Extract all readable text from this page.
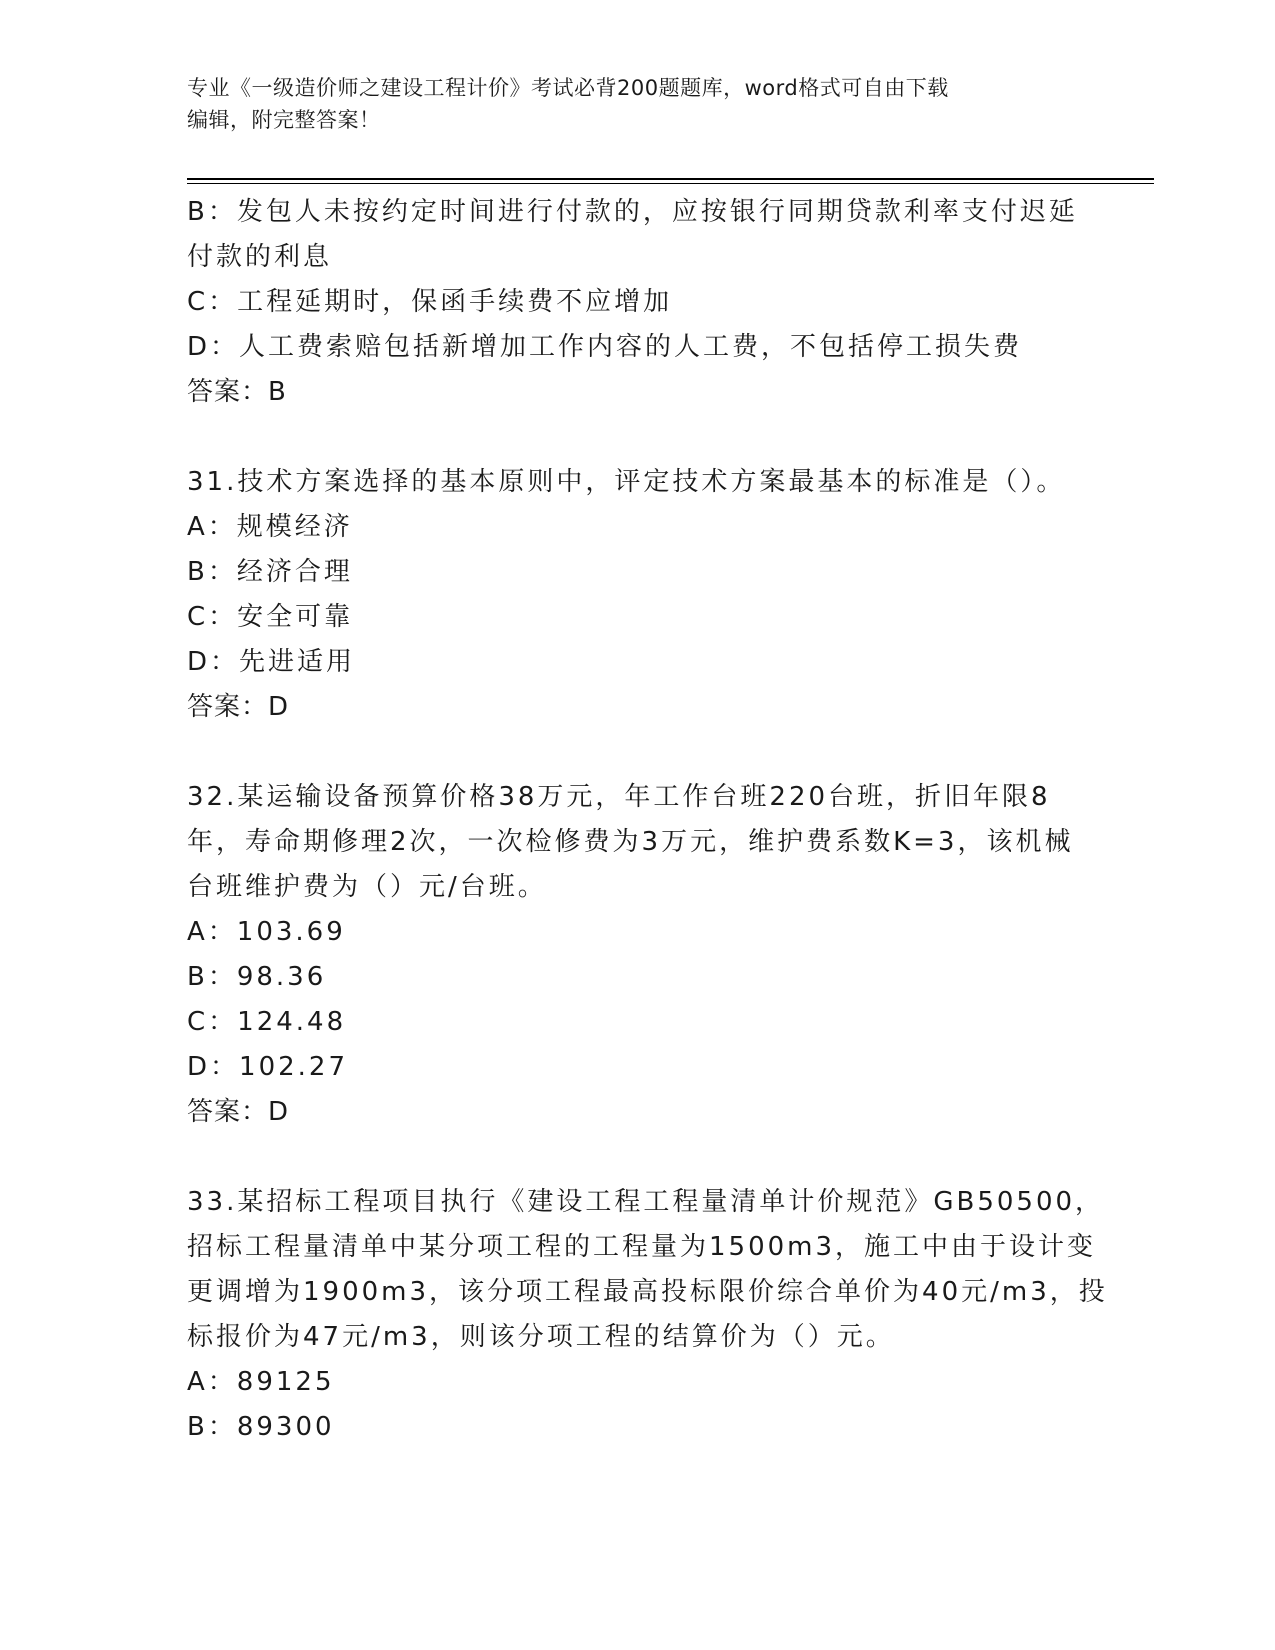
专业《一级造价师之建设工程计价》考试必背200题题库，word格式可自由下载
编辑，附完整答案！
B：发包人未按约定时间进行付款的，应按银行同期贷款利率支付迟延
付款的利息
C：工程延期时，保函手续费不应增加
D：人工费索赔包括新增加工作内容的人工费，不包括停工损失费
答案：B
31.技术方案选择的基本原则中，评定技术方案最基本的标准是（）。
A：规模经济
B：经济合理
C：安全可靠
D：先进适用
答案：D
32.某运输设备预算价格38万元，年工作台班220台班，折旧年限8
年，寿命期修理2次，一次检修费为3万元，维护费系数K=3，该机械
台班维护费为（）元/台班。
A：103.69
B：98.36
C：124.48
D：102.27
答案：D
33.某招标工程项目执行《建设工程工程量清单计价规范》GB50500，
招标工程量清单中某分项工程的工程量为1500m3，施工中由于设计变
更调增为1900m3，该分项工程最高投标限价综合单价为40元/m3，投
标报价为47元/m3，则该分项工程的结算价为（）元。
A：89125
B：89300
